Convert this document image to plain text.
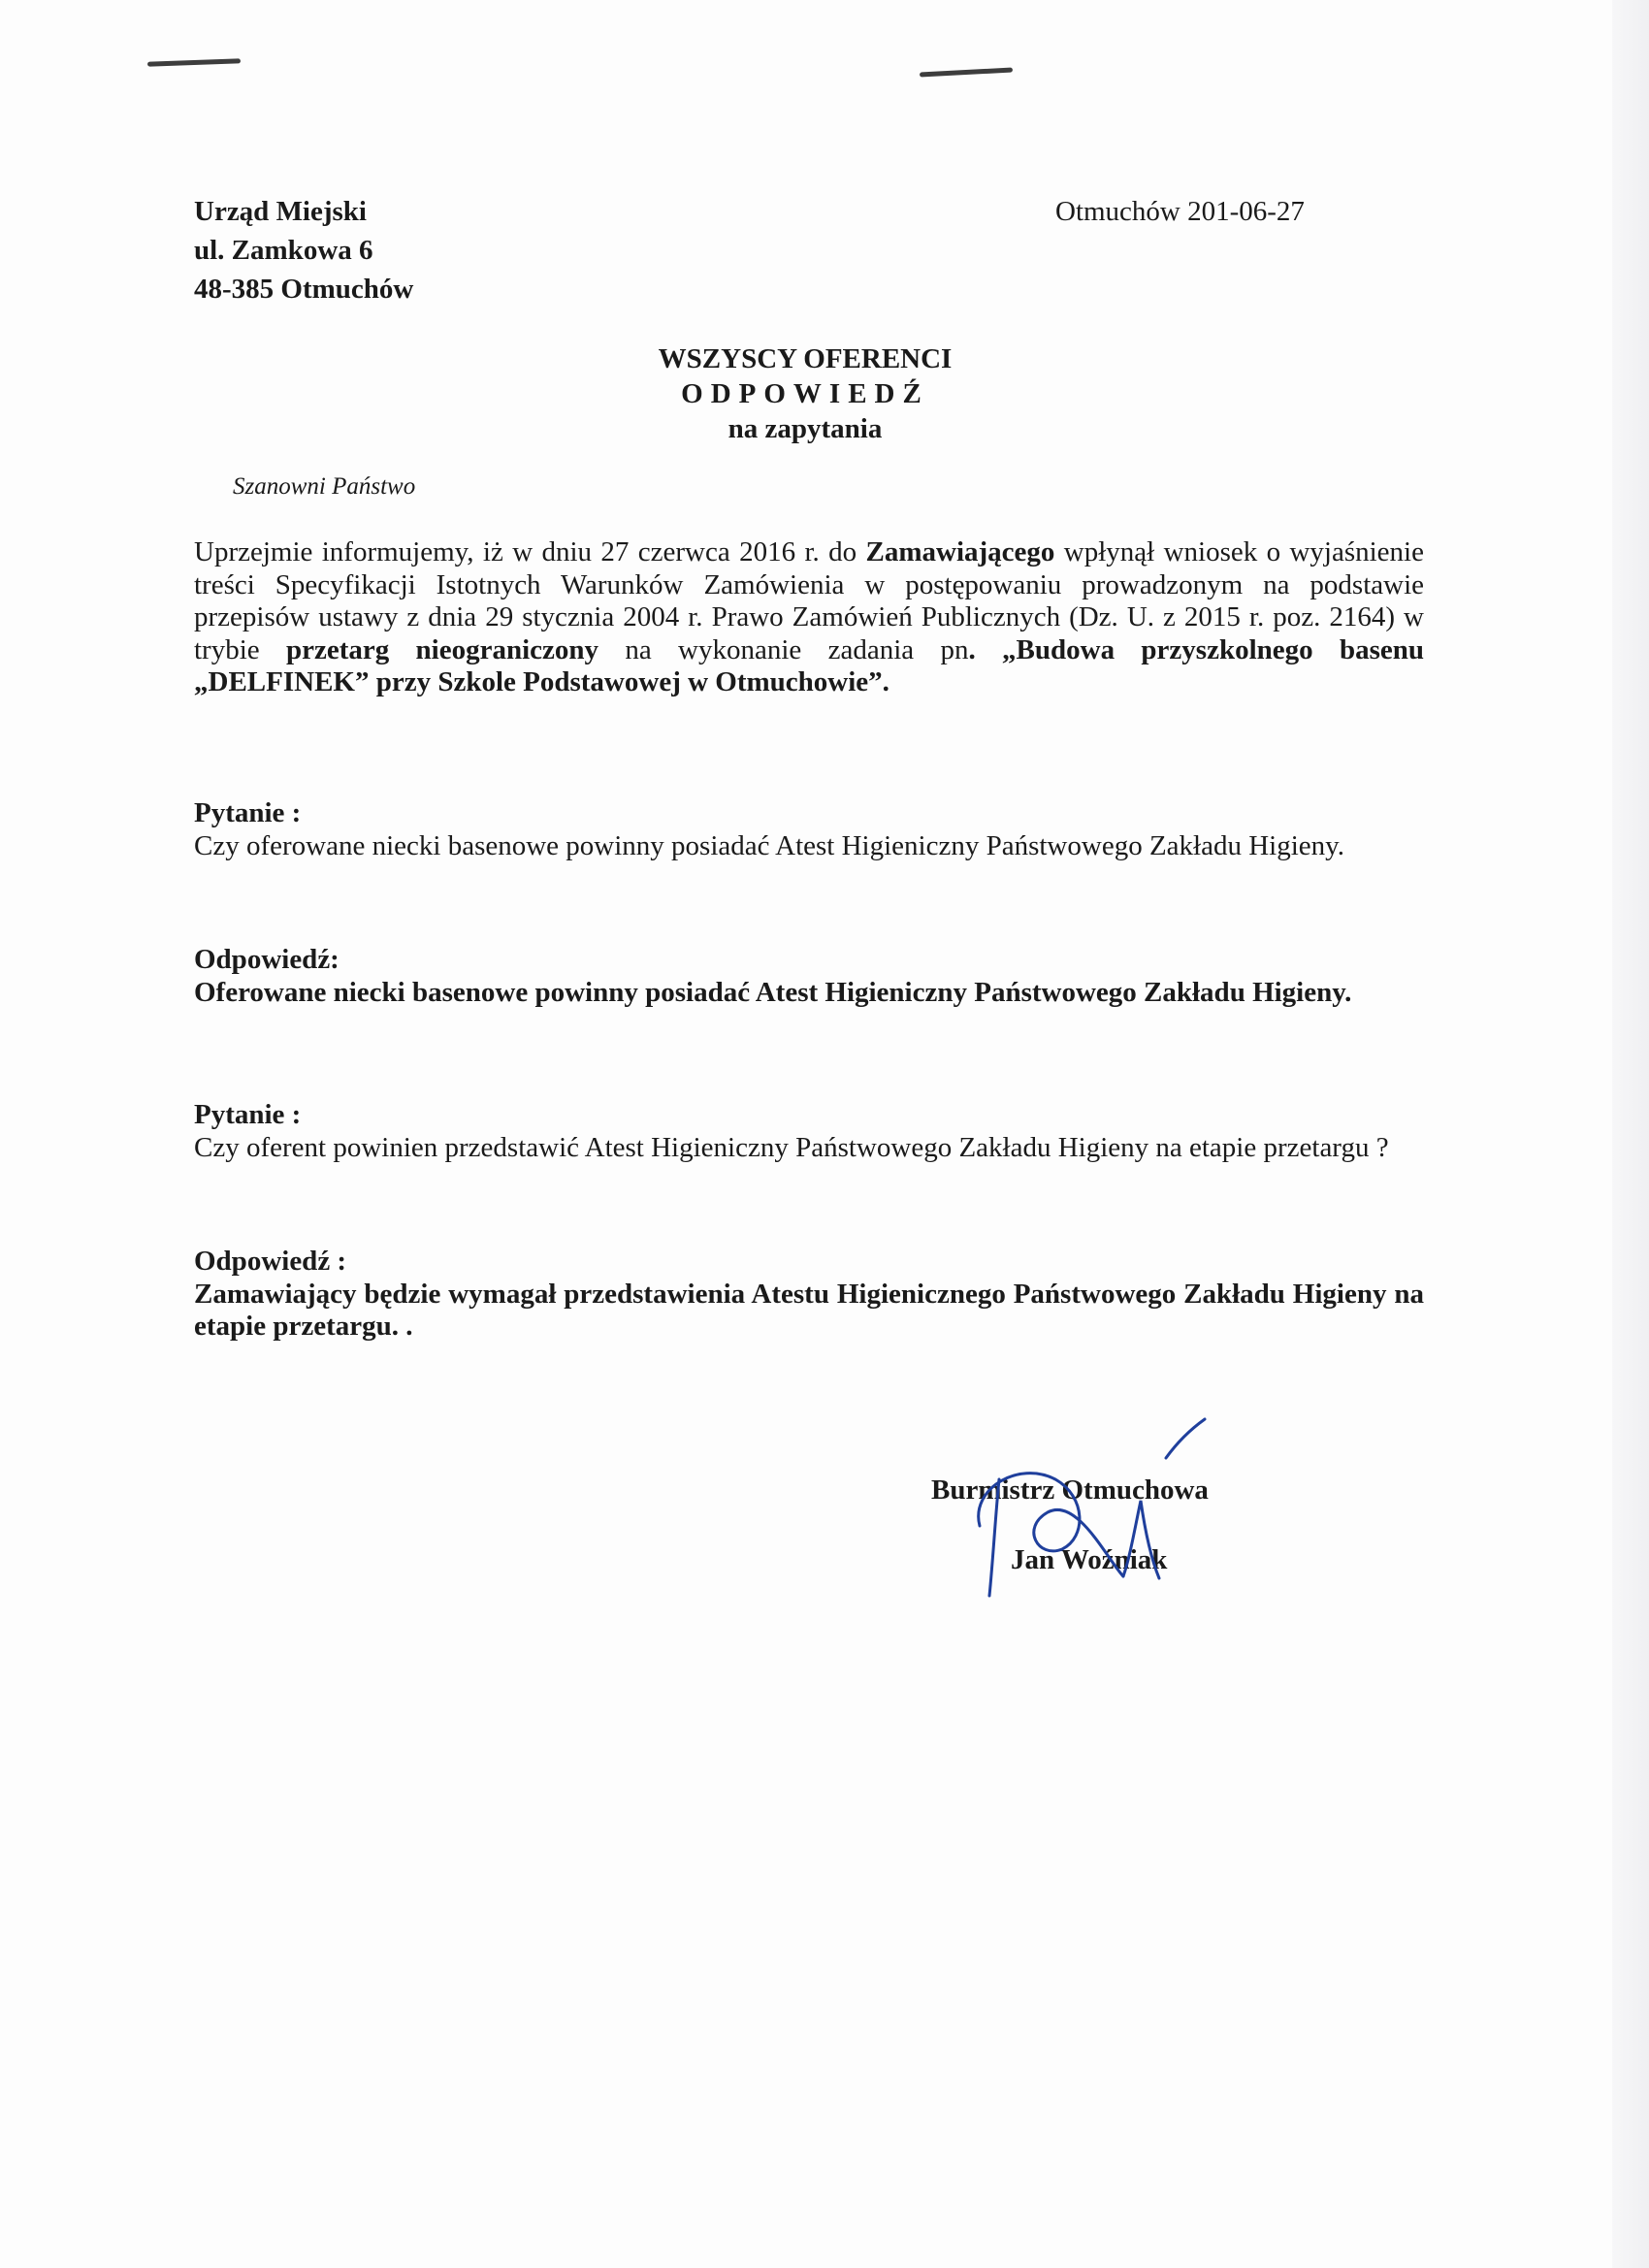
Urząd Miejski
ul. Zamkowa 6
48-385 Otmuchów
Otmuchów 201-06-27
WSZYSCY OFERENCI
ODPOWIEDŹ
na zapytania
Szanowni Państwo
Uprzejmie informujemy, iż w dniu 27 czerwca 2016 r. do Zamawiającego wpłynął wniosek o wyjaśnienie treści Specyfikacji Istotnych Warunków Zamówienia w postępowaniu prowadzonym na podstawie przepisów ustawy z dnia 29 stycznia 2004 r. Prawo Zamówień Publicznych (Dz. U. z 2015 r. poz. 2164) w trybie przetarg nieograniczony na wykonanie zadania pn. „Budowa przyszkolnego basenu „DELFINEK” przy Szkole Podstawowej w Otmuchowie”.
Pytanie :
Czy oferowane niecki basenowe powinny posiadać Atest Higieniczny Państwowego Zakładu Higieny.
Odpowiedź:
Oferowane niecki basenowe powinny posiadać Atest Higieniczny Państwowego Zakładu Higieny.
Pytanie :
Czy oferent powinien przedstawić Atest Higieniczny Państwowego Zakładu Higieny na etapie przetargu ?
Odpowiedź :
Zamawiający będzie wymagał przedstawienia Atestu Higienicznego Państwowego Zakładu Higieny na etapie przetargu. .
Burmistrz Otmuchowa
Jan Woźniak
